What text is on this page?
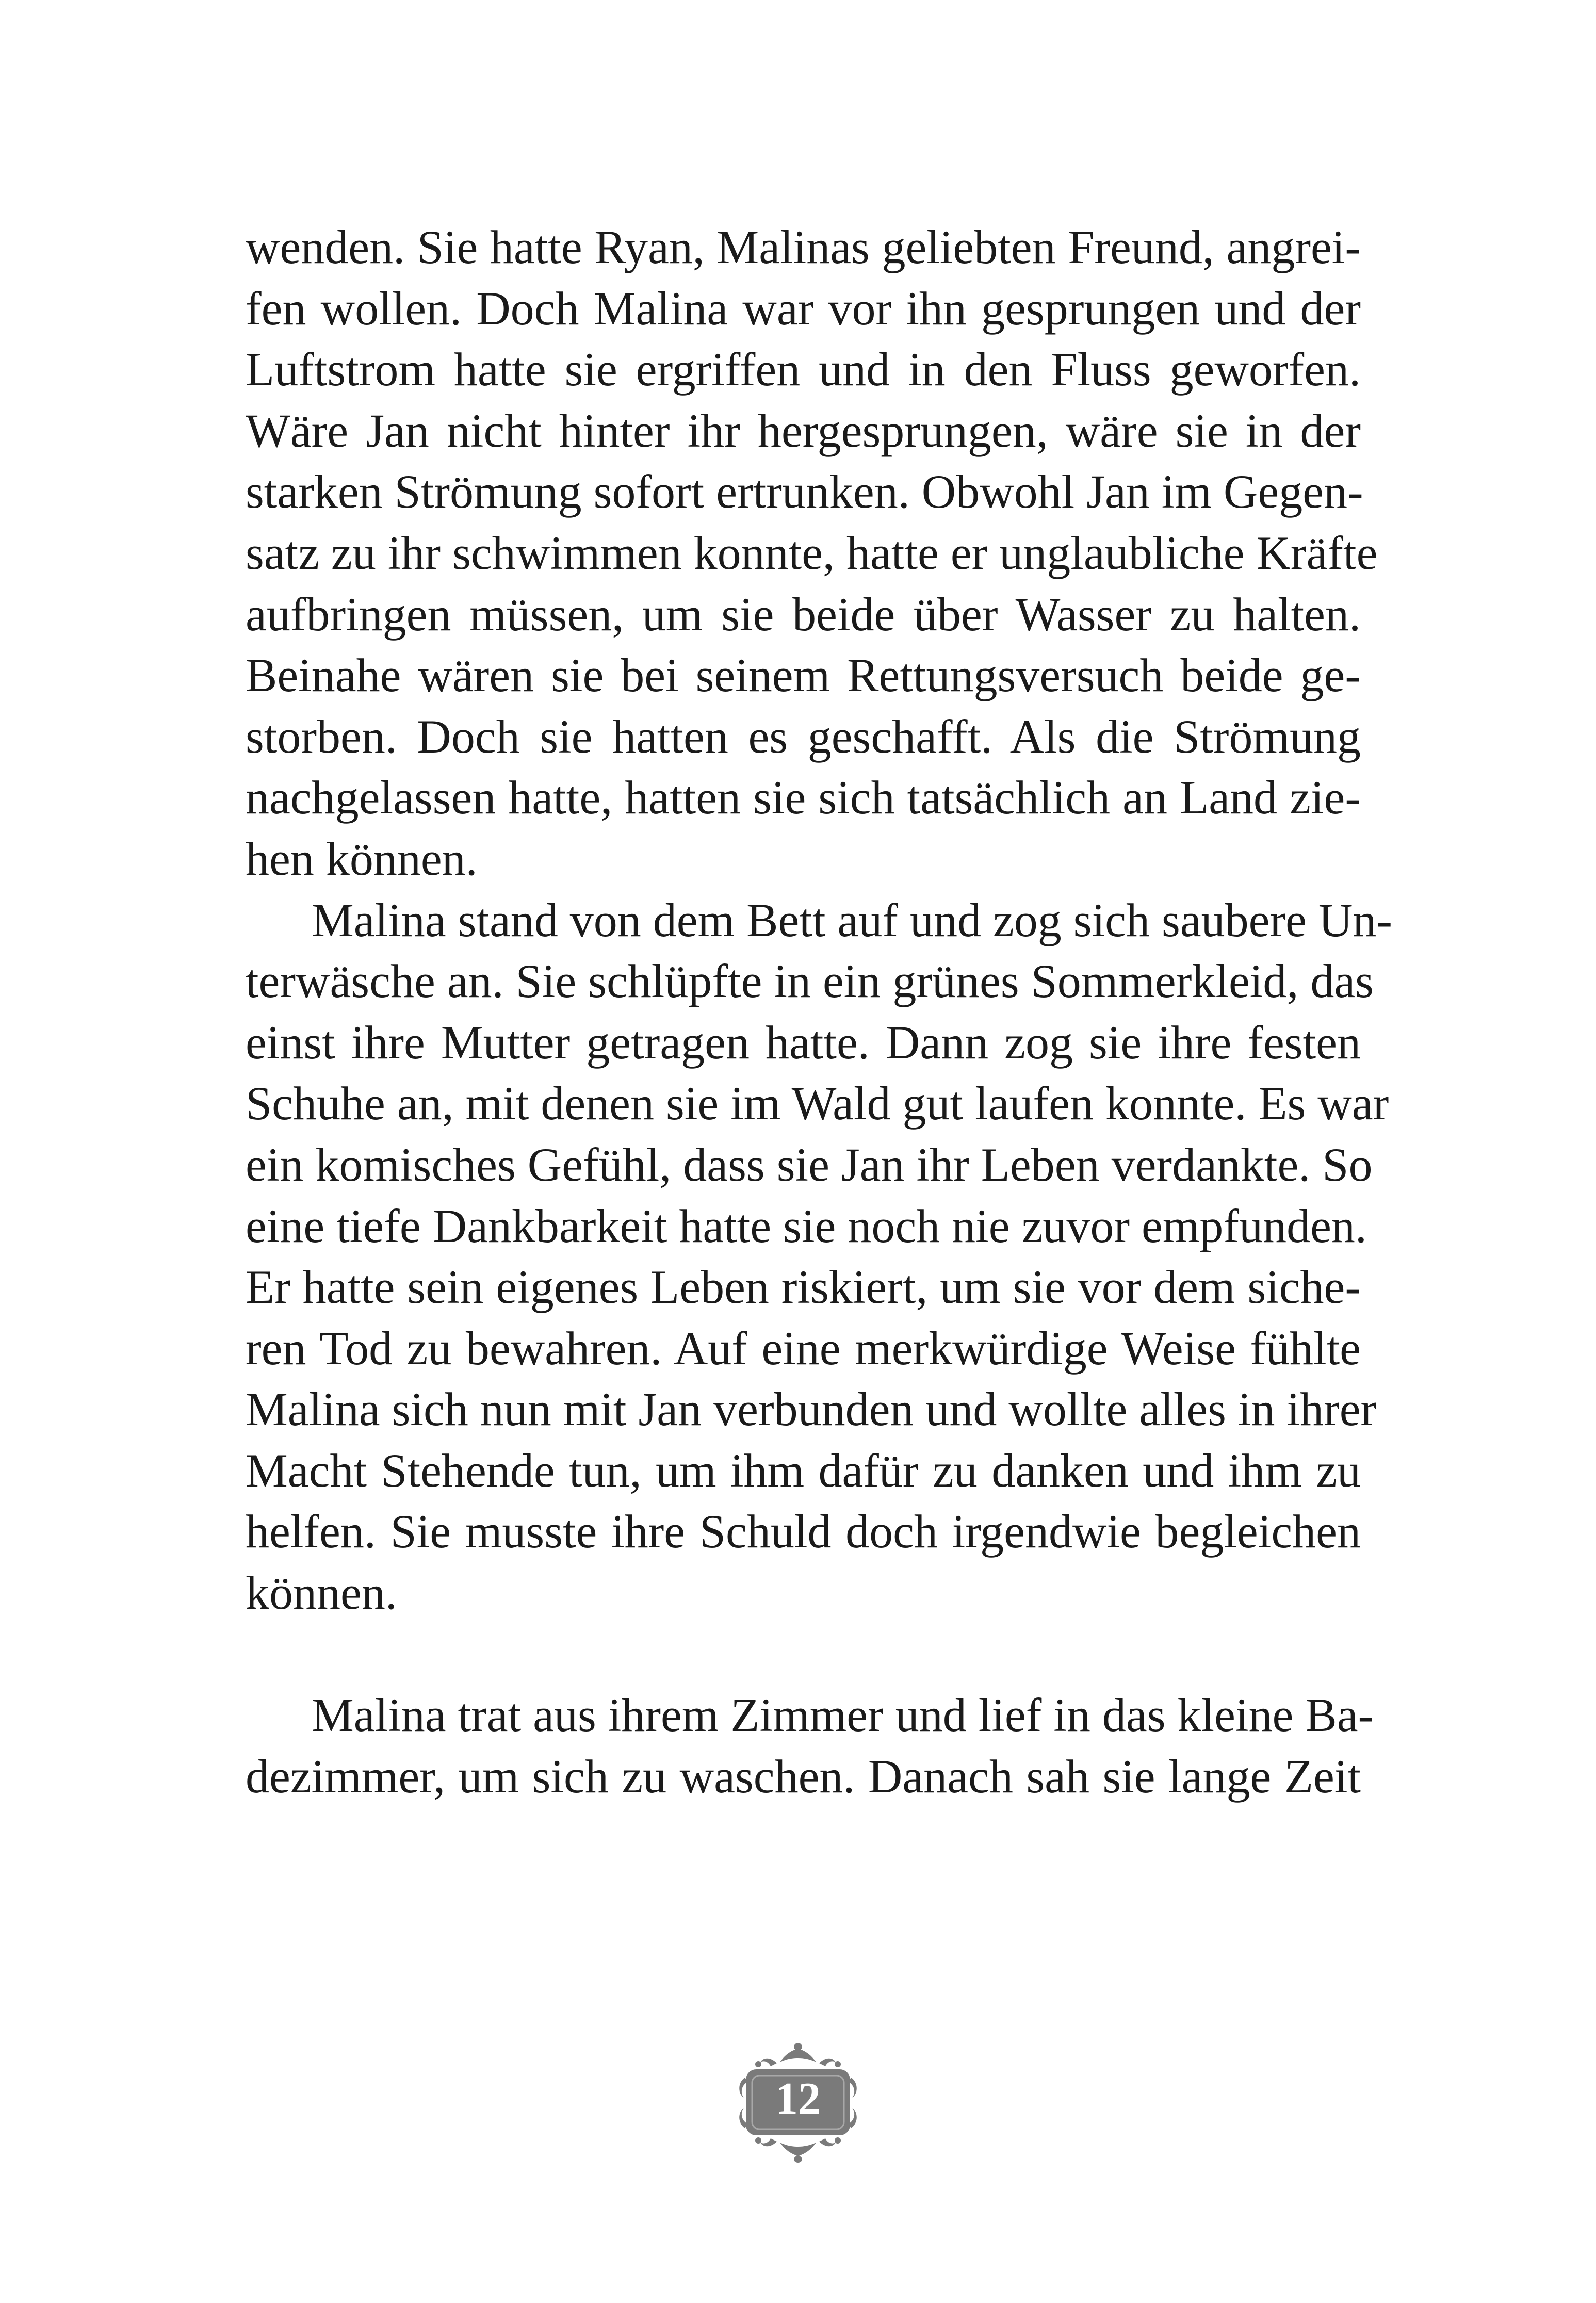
wenden. Sie hatte Ryan, Malinas geliebten Freund, angrei-
fen wollen. Doch Malina war vor ihn gesprungen und der
Luftstrom hatte sie ergriffen und in den Fluss geworfen.
Wäre Jan nicht hinter ihr hergesprungen, wäre sie in der
starken Strömung sofort ertrunken. Obwohl Jan im Gegen-
satz zu ihr schwimmen konnte, hatte er unglaubliche Kräfte
aufbringen müssen, um sie beide über Wasser zu halten.
Beinahe wären sie bei seinem Rettungsversuch beide ge-
storben. Doch sie hatten es geschafft. Als die Strömung
nachgelassen hatte, hatten sie sich tatsächlich an Land zie-
hen können.

Malina stand von dem Bett auf und zog sich saubere Un-
terwäsche an. Sie schlüpfte in ein grünes Sommerkleid, das
einst ihre Mutter getragen hatte. Dann zog sie ihre festen
Schuhe an, mit denen sie im Wald gut laufen konnte. Es war
ein komisches Gefühl, dass sie Jan ihr Leben verdankte. So
eine tiefe Dankbarkeit hatte sie noch nie zuvor empfunden.
Er hatte sein eigenes Leben riskiert, um sie vor dem siche-
ren Tod zu bewahren. Auf eine merkwürdige Weise fühlte
Malina sich nun mit Jan verbunden und wollte alles in ihrer
Macht Stehende tun, um ihm dafür zu danken und ihm zu
helfen. Sie musste ihre Schuld doch irgendwie begleichen
können.

Malina trat aus ihrem Zimmer und lief in das kleine Ba-
dezimmer, um sich zu waschen. Danach sah sie lange Zeit

12
